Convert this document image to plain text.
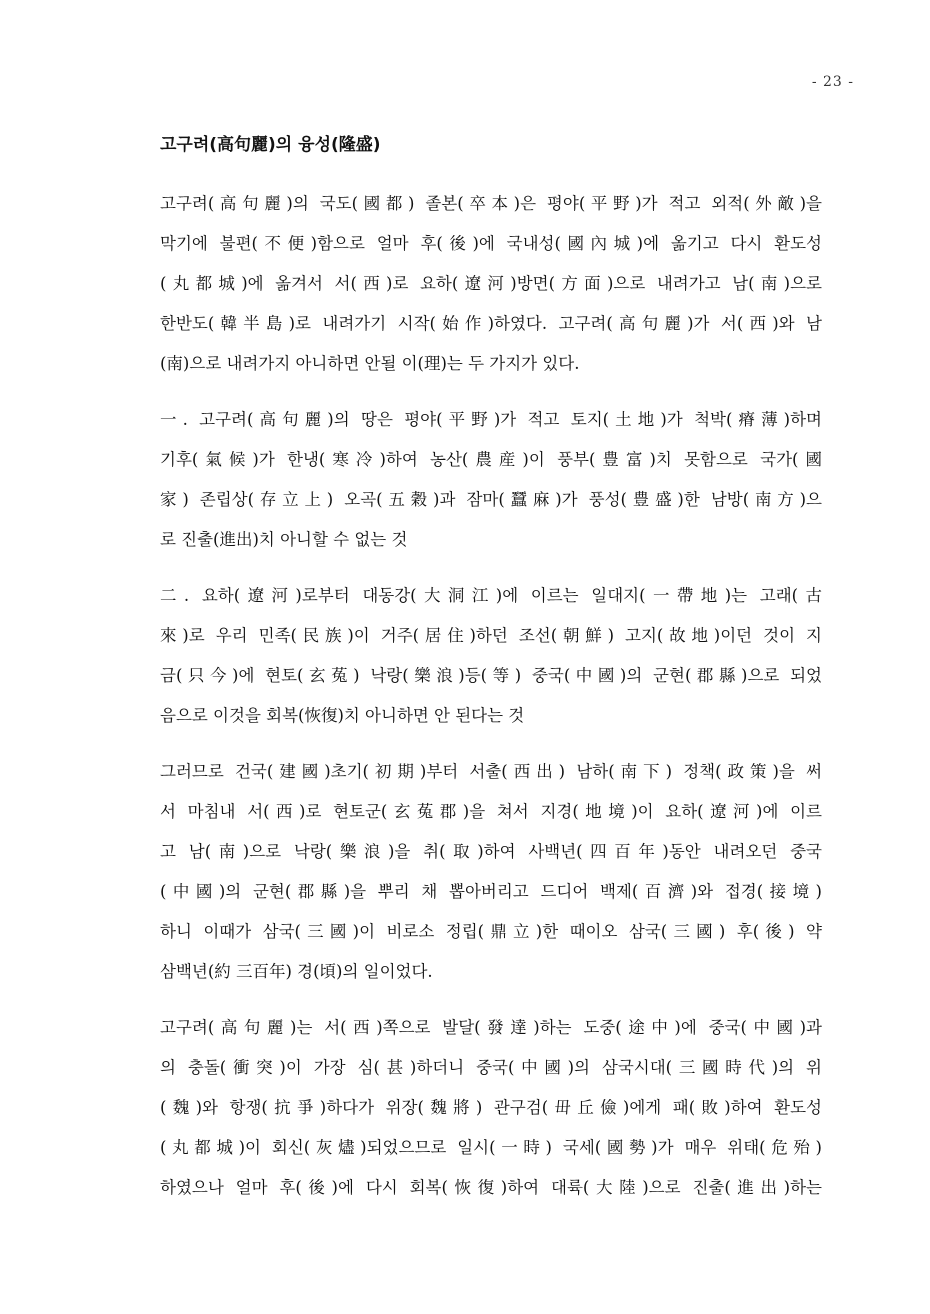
- 23 -
고구려(高句麗)의 융성(隆盛)
고구려(高句麗)의 국도(國都) 졸본(卒本)은 평야(平野)가 적고 외적(外敵)을
막기에 불편(不便)함으로 얼마 후(後)에 국내성(國內城)에 옮기고 다시 환도성
(丸都城)에 옮겨서 서(西)로 요하(遼河)방면(方面)으로 내려가고 남(南)으로
한반도(韓半島)로 내려가기 시작(始作)하였다. 고구려(高句麗)가 서(西)와 남
(南)으로 내려가지 아니하면 안될 이(理)는 두 가지가 있다.
一. 고구려(高句麗)의 땅은 평야(平野)가 적고 토지(土地)가 척박(瘠薄)하며
기후(氣候)가 한냉(寒冷)하여 농산(農産)이 풍부(豊富)치 못함으로 국가(國
家) 존립상(存立上) 오곡(五穀)과 잠마(蠶麻)가 풍성(豊盛)한 남방(南方)으
로 진출(進出)치 아니할 수 없는 것
二. 요하(遼河)로부터 대동강(大洞江)에 이르는 일대지(一帶地)는 고래(古
來)로 우리 민족(民族)이 거주(居住)하던 조선(朝鮮) 고지(故地)이던 것이 지
금(只今)에 현토(玄菟) 낙랑(樂浪)등(等) 중국(中國)의 군현(郡縣)으로 되었
음으로 이것을 회복(恢復)치 아니하면 안 된다는 것
그러므로 건국(建國)초기(初期)부터 서출(西出) 남하(南下) 정책(政策)을 써
서 마침내 서(西)로 현토군(玄菟郡)을 쳐서 지경(地境)이 요하(遼河)에 이르
고 남(南)으로 낙랑(樂浪)을 취(取)하여 사백년(四百年)동안 내려오던 중국
(中國)의 군현(郡縣)을 뿌리 채 뽑아버리고 드디어 백제(百濟)와 접경(接境)
하니 이때가 삼국(三國)이 비로소 정립(鼎立)한 때이오 삼국(三國) 후(後) 약
삼백년(約 三百年) 경(頃)의 일이었다.
고구려(高句麗)는 서(西)쪽으로 발달(發達)하는 도중(途中)에 중국(中國)과
의 충돌(衝突)이 가장 심(甚)하더니 중국(中國)의 삼국시대(三國時代)의 위
(魏)와 항쟁(抗爭)하다가 위장(魏將) 관구검(毌丘儉)에게 패(敗)하여 환도성
(丸都城)이 회신(灰燼)되었으므로 일시(一時) 국세(國勢)가 매우 위태(危殆)
하였으나 얼마 후(後)에 다시 회복(恢復)하여 대륙(大陸)으로 진출(進出)하는
